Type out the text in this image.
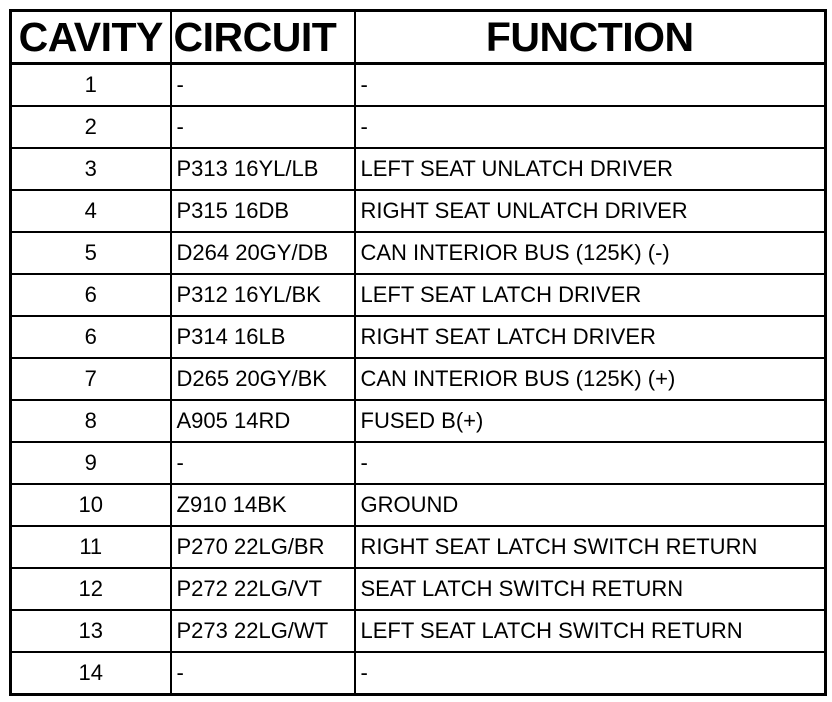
CAVITY	CIRCUIT	FUNCTION
1	-	-
2	-	-
3	P313 16YL/LB	LEFT SEAT UNLATCH DRIVER
4	P315 16DB	RIGHT SEAT UNLATCH DRIVER
5	D264 20GY/DB	CAN INTERIOR BUS (125K) (-)
6	P312 16YL/BK	LEFT SEAT LATCH DRIVER
6	P314 16LB	RIGHT SEAT LATCH DRIVER
7	D265 20GY/BK	CAN INTERIOR BUS (125K) (+)
8	A905 14RD	FUSED B(+)
9	-	-
10	Z910 14BK	GROUND
11	P270 22LG/BR	RIGHT SEAT LATCH SWITCH RETURN
12	P272 22LG/VT	SEAT LATCH SWITCH RETURN
13	P273 22LG/WT	LEFT SEAT LATCH SWITCH RETURN
14	-	-
